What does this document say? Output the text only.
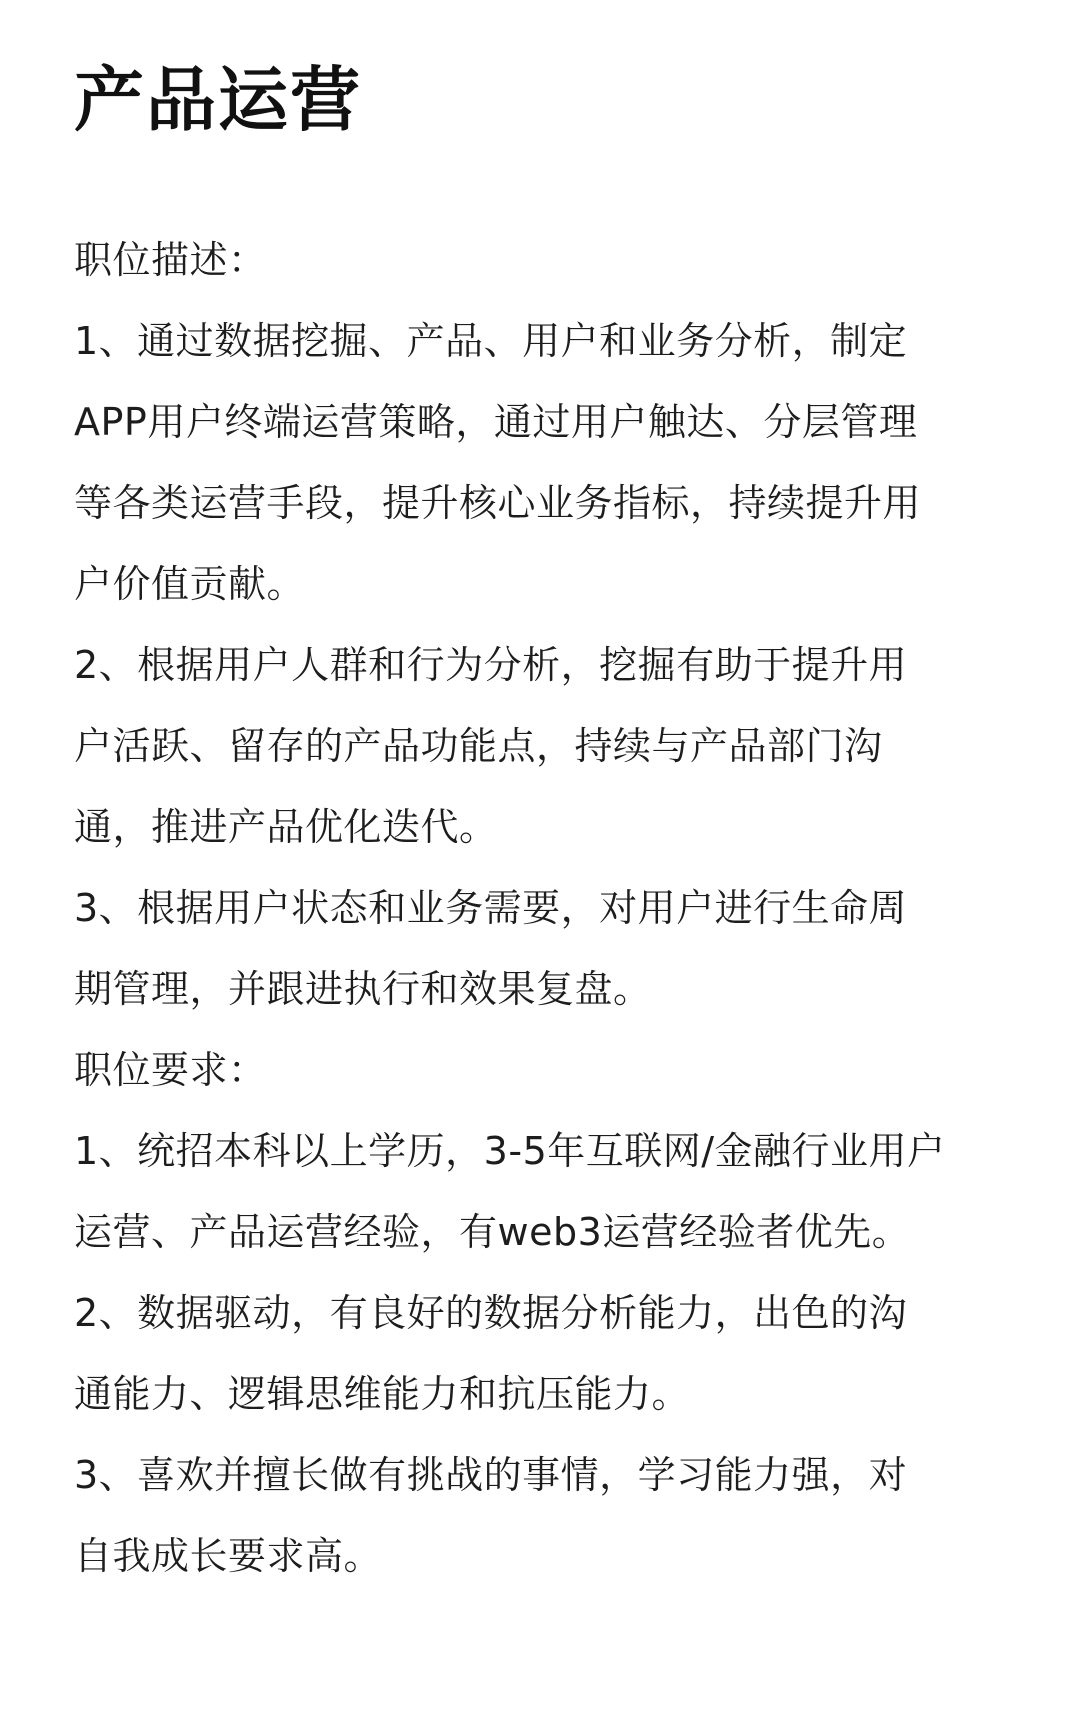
产品运营
职位描述：
1、通过数据挖掘、产品、用户和业务分析，制定
APP用户终端运营策略，通过用户触达、分层管理
等各类运营手段，提升核心业务指标，持续提升用
户价值贡献。
2、根据用户人群和行为分析，挖掘有助于提升用
户活跃、留存的产品功能点，持续与产品部门沟
通，推进产品优化迭代。
3、根据用户状态和业务需要，对用户进行生命周
期管理，并跟进执行和效果复盘。
职位要求：
1、统招本科以上学历，3-5年互联网/金融行业用户
运营、产品运营经验，有web3运营经验者优先。
2、数据驱动，有良好的数据分析能力，出色的沟
通能力、逻辑思维能力和抗压能力。
3、喜欢并擅长做有挑战的事情，学习能力强，对
自我成长要求高。
